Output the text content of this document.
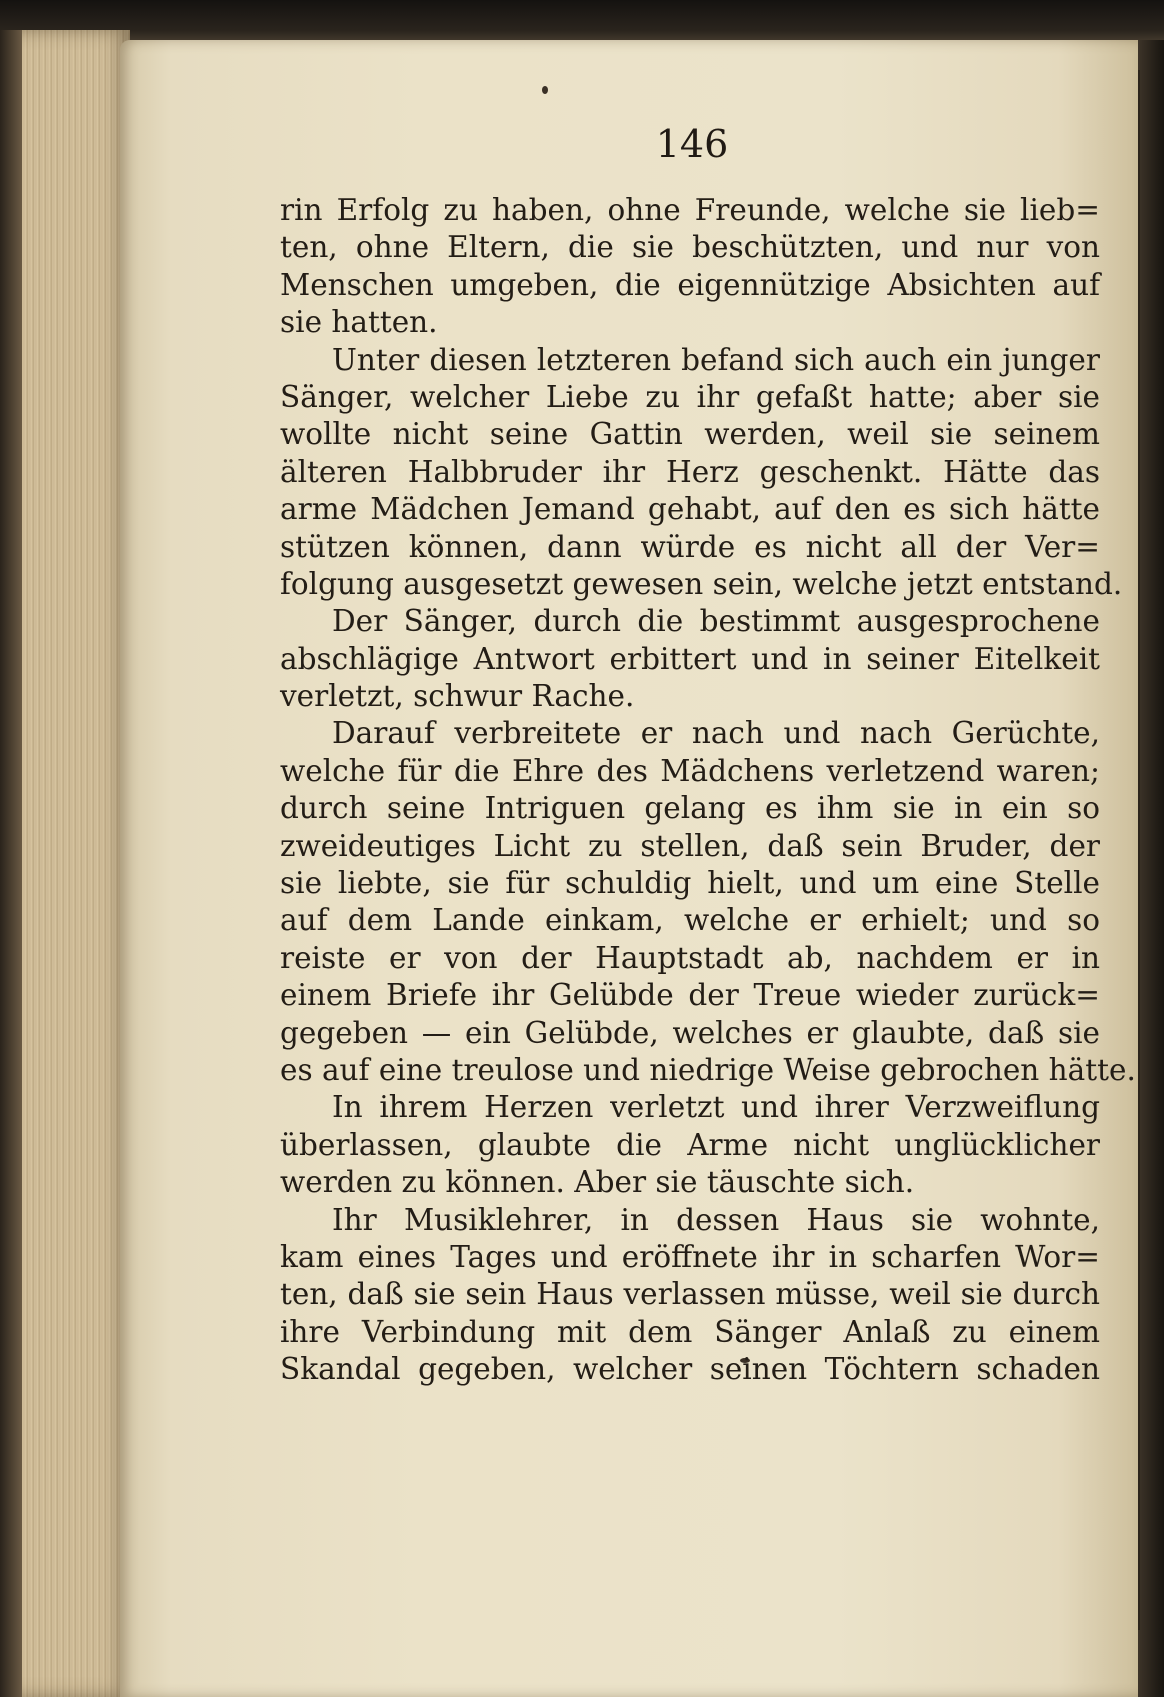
146
rin Erfolg zu haben, ohne Freunde, welche sie lieb=
ten, ohne Eltern, die sie beschützten, und nur von
Menschen umgeben, die eigennützige Absichten auf
sie hatten.
Unter diesen letzteren befand sich auch ein junger
Sänger, welcher Liebe zu ihr gefaßt hatte; aber sie
wollte nicht seine Gattin werden, weil sie seinem
älteren Halbbruder ihr Herz geschenkt. Hätte das
arme Mädchen Jemand gehabt, auf den es sich hätte
stützen können, dann würde es nicht all der Ver=
folgung ausgesetzt gewesen sein, welche jetzt entstand.
Der Sänger, durch die bestimmt ausgesprochene
abschlägige Antwort erbittert und in seiner Eitelkeit
verletzt, schwur Rache.
Darauf verbreitete er nach und nach Gerüchte,
welche für die Ehre des Mädchens verletzend waren;
durch seine Intriguen gelang es ihm sie in ein so
zweideutiges Licht zu stellen, daß sein Bruder, der
sie liebte, sie für schuldig hielt, und um eine Stelle
auf dem Lande einkam, welche er erhielt; und so
reiste er von der Hauptstadt ab, nachdem er in
einem Briefe ihr Gelübde der Treue wieder zurück=
gegeben — ein Gelübde, welches er glaubte, daß sie
es auf eine treulose und niedrige Weise gebrochen hätte.
In ihrem Herzen verletzt und ihrer Verzweiflung
überlassen, glaubte die Arme nicht unglücklicher
werden zu können. Aber sie täuschte sich.
Ihr Musiklehrer, in dessen Haus sie wohnte,
kam eines Tages und eröffnete ihr in scharfen Wor=
ten, daß sie sein Haus verlassen müsse, weil sie durch
ihre Verbindung mit dem Sänger Anlaß zu einem
Skandal gegeben, welcher seinen Töchtern schaden
